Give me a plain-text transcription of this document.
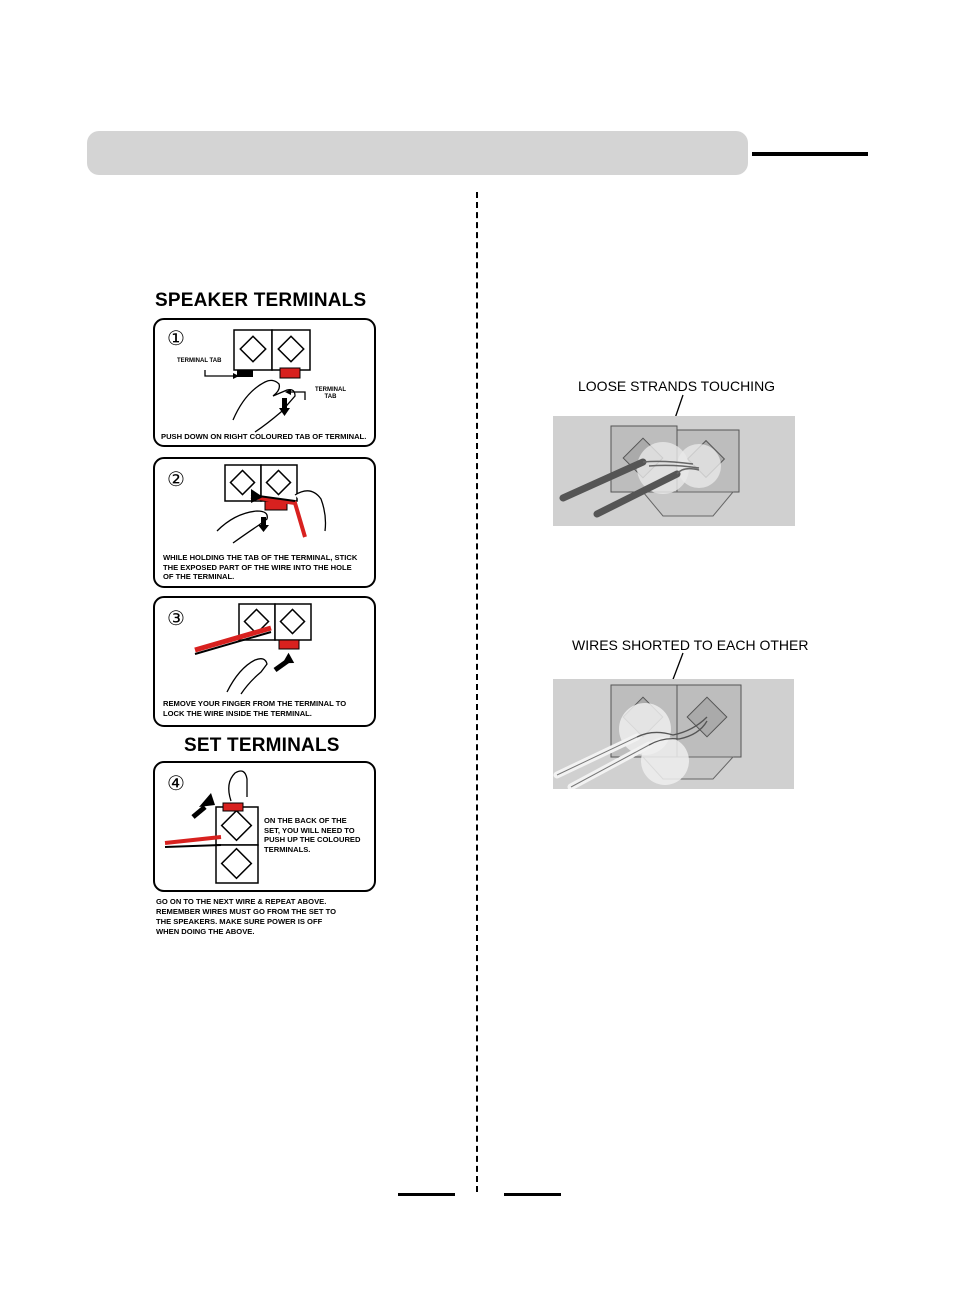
SPEAKER TERMINALS
①
TERMINAL TAB
TERMINAL
TAB
PUSH DOWN ON RIGHT COLOURED TAB OF TERMINAL.
②
WHILE HOLDING THE TAB OF THE TERMINAL, STICK
THE EXPOSED PART OF THE WIRE INTO THE HOLE
OF THE TERMINAL.
③
REMOVE YOUR FINGER FROM THE TERMINAL TO
LOCK THE WIRE INSIDE THE TERMINAL.
SET TERMINALS
④
ON THE BACK OF THE
SET, YOU WILL NEED TO
PUSH UP THE COLOURED
TERMINALS.
GO ON TO THE NEXT WIRE & REPEAT ABOVE.
REMEMBER WIRES MUST GO FROM THE SET TO
THE SPEAKERS. MAKE SURE POWER IS OFF
WHEN DOING THE ABOVE.
LOOSE STRANDS TOUCHING
WIRES SHORTED TO EACH OTHER
